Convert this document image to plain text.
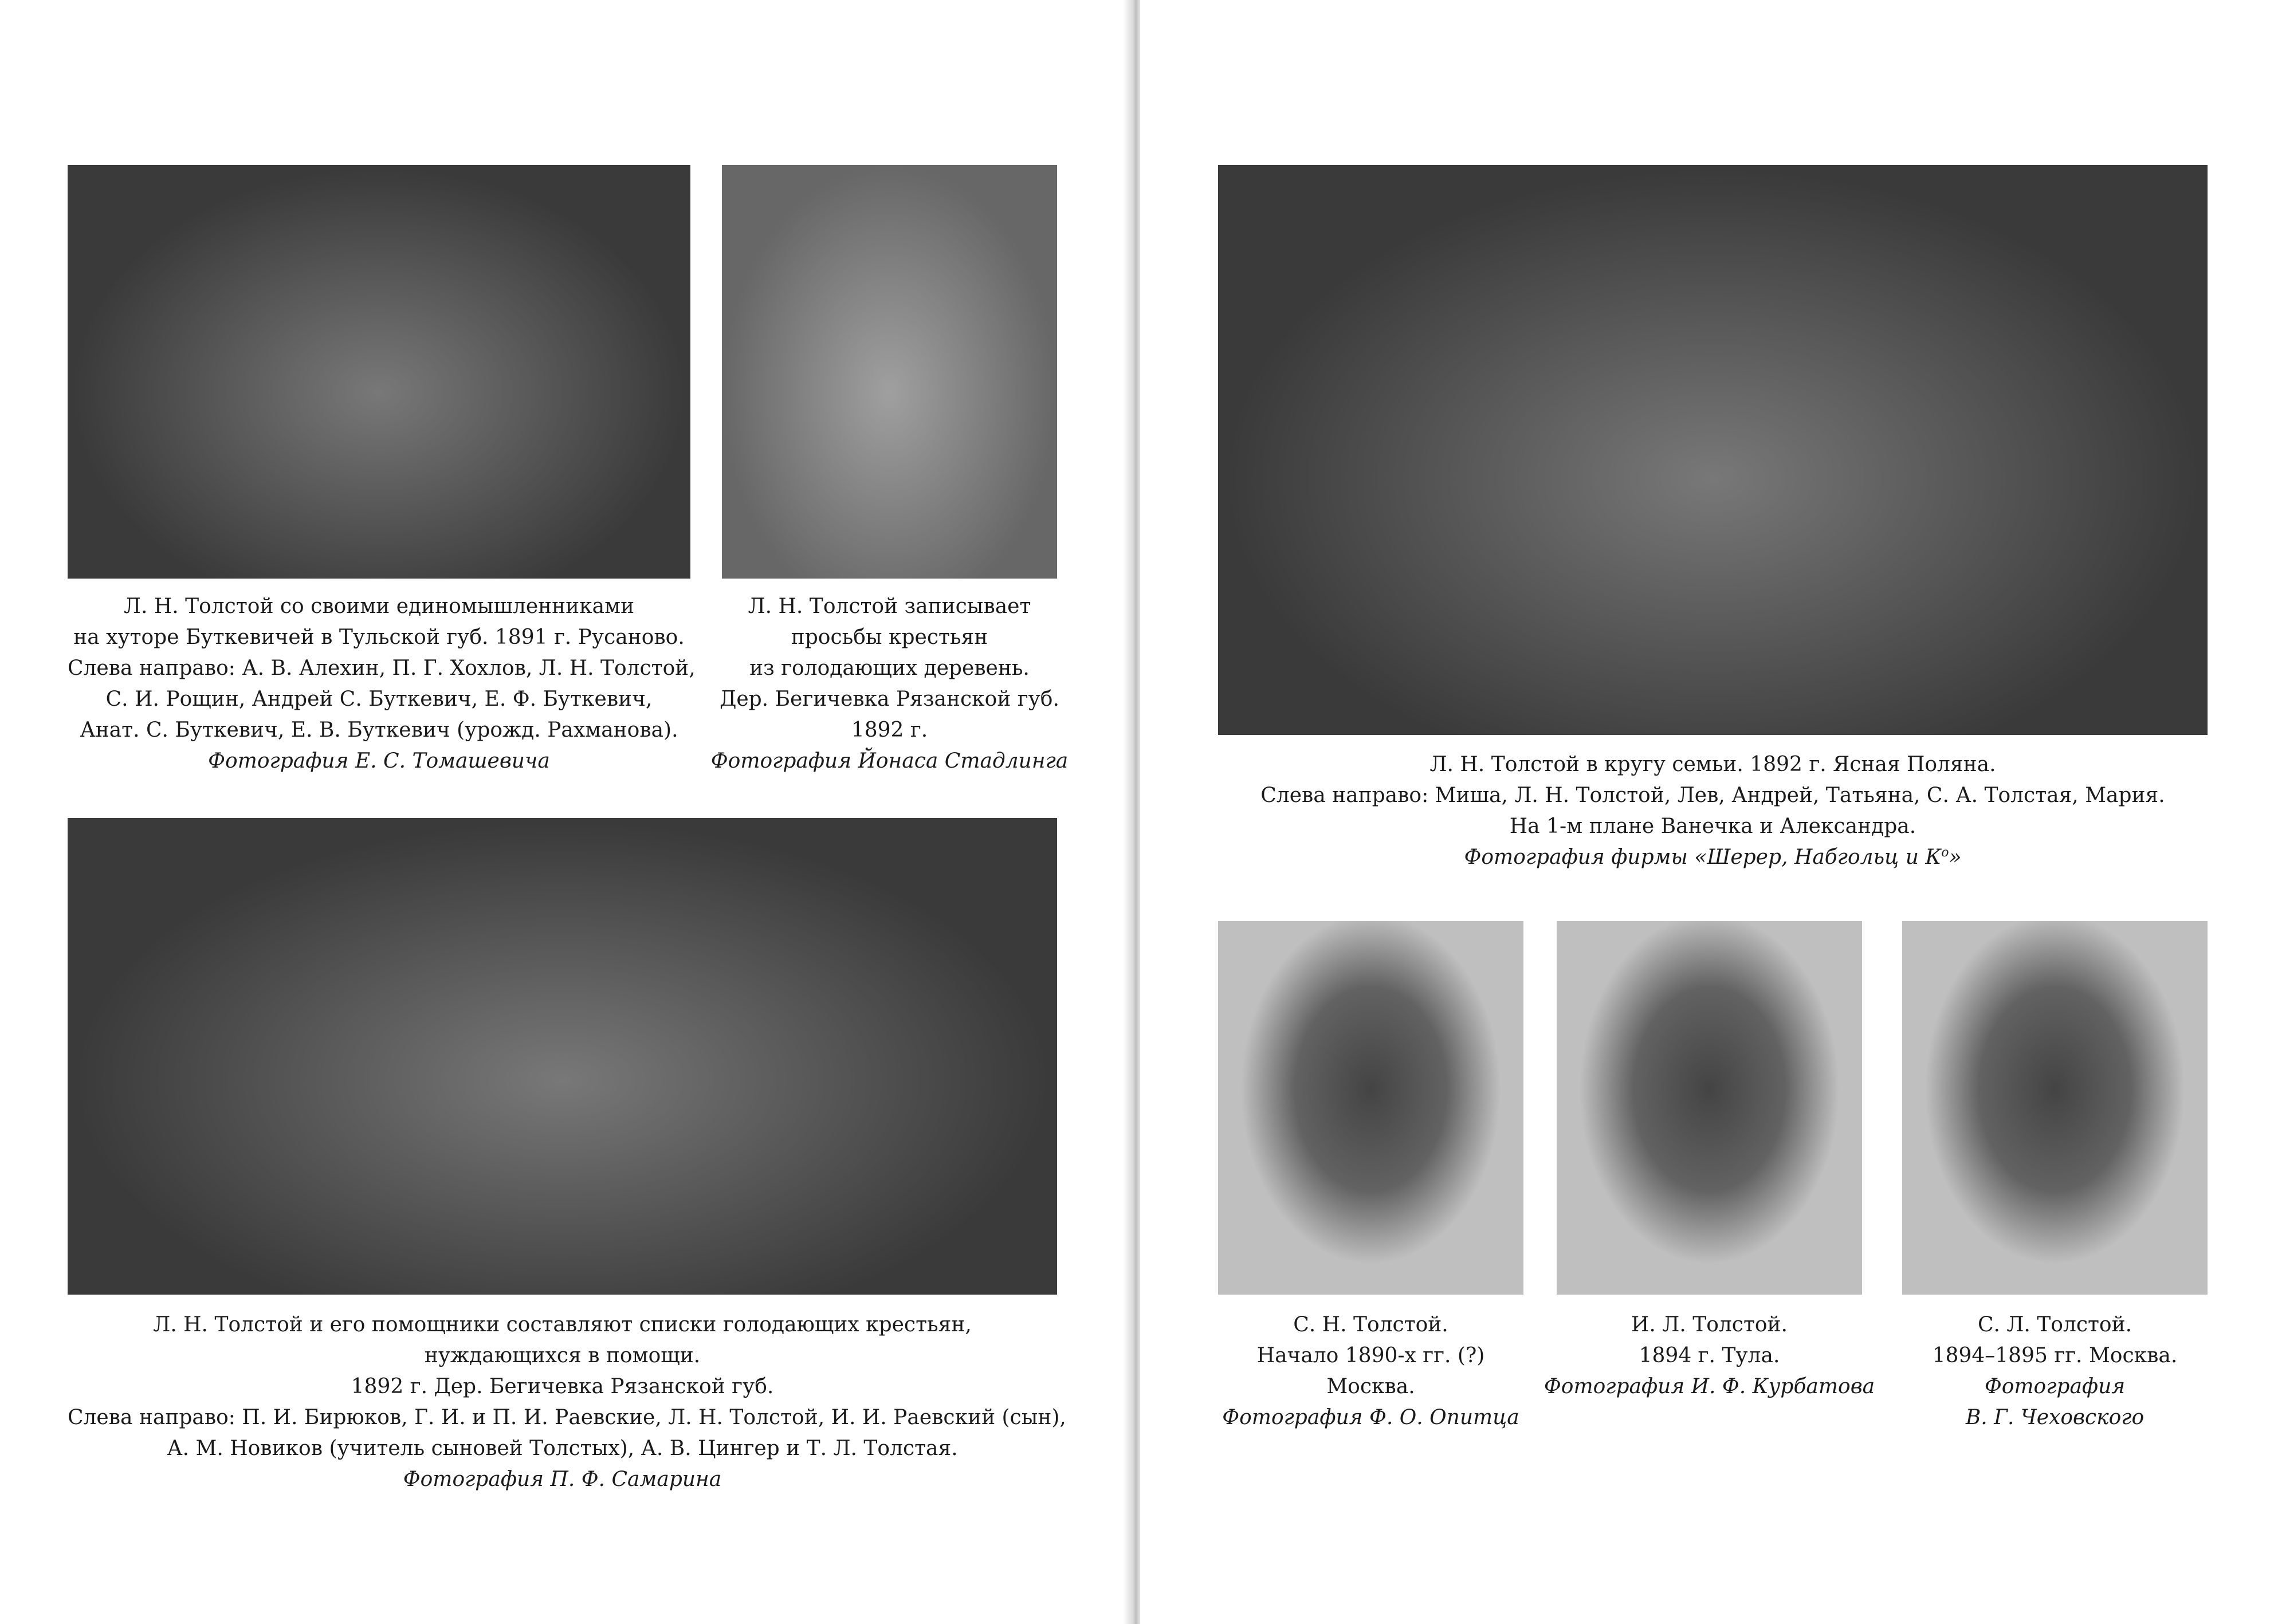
Л. Н. Толстой со своими единомышленниками
на хуторе Буткевичей в Тульской губ. 1891 г. Русаново.
Слева направо: А. В. Алехин, П. Г. Хохлов, Л. Н. Толстой,
С. И. Рощин, Андрей С. Буткевич, Е. Ф. Буткевич,
Анат. С. Буткевич, Е. В. Буткевич (урожд. Рахманова).
Фотография Е. С. Томашевича
Л. Н. Толстой записывает
просьбы крестьян
из голодающих деревень.
Дер. Бегичевка Рязанской губ.
1892 г.
Фотография Йонаса Стадлинга
Л. Н. Толстой и его помощники составляют списки голодающих крестьян,
нуждающихся в помощи.
1892 г. Дер. Бегичевка Рязанской губ.
Слева направо: П. И. Бирюков, Г. И. и П. И. Раевские, Л. Н. Толстой, И. И. Раевский (сын),
А. М. Новиков (учитель сыновей Толстых), А. В. Цингер и Т. Л. Толстая.
Фотография П. Ф. Самарина
Л. Н. Толстой в кругу семьи. 1892 г. Ясная Поляна.
Слева направо: Миша, Л. Н. Толстой, Лев, Андрей, Татьяна, С. А. Толстая, Мария.
На 1-м плане Ванечка и Александра.
Фотография фирмы «Шерер, Набгольц и $К^о$»
С. Н. Толстой.
Начало 1890-х гг. (?)
Москва.
Фотография Ф. О. Опитца
И. Л. Толстой.
1894 г. Тула.
Фотография И. Ф. Курбатова
С. Л. Толстой.
1894–1895 гг. Москва.
Фотография
В. Г. Чеховского
